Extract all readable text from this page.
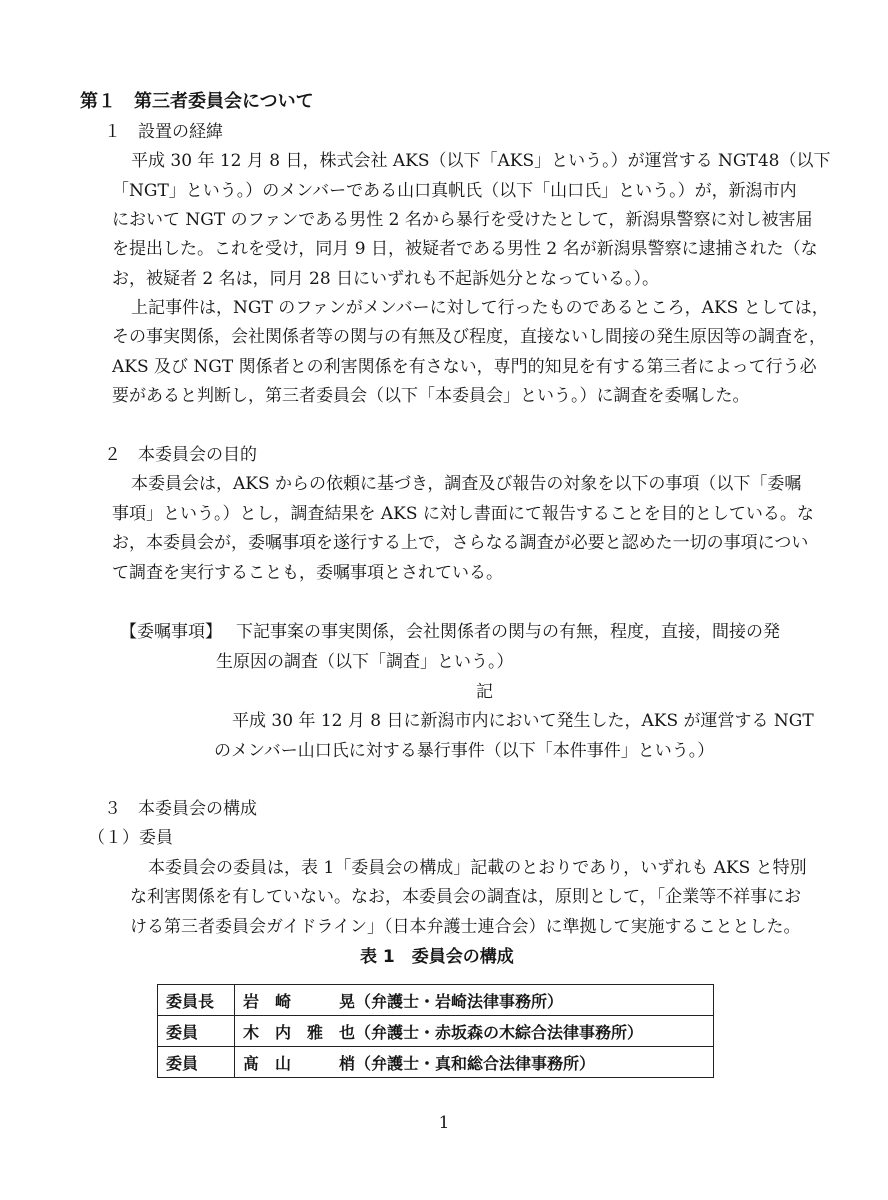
第１　第三者委員会について
１　設置の経緯
平成 30 年 12 月 8 日，株式会社 AKS（以下「AKS」という。）が運営する NGT48（以下
「NGT」という。）のメンバーである山口真帆氏（以下「山口氏」という。）が，新潟市内
において NGT のファンである男性 2 名から暴行を受けたとして，新潟県警察に対し被害届
を提出した。これを受け，同月 9 日，被疑者である男性 2 名が新潟県警察に逮捕された（な
お，被疑者 2 名は，同月 28 日にいずれも不起訴処分となっている。）。
上記事件は，NGT のファンがメンバーに対して行ったものであるところ，AKS としては，
その事実関係，会社関係者等の関与の有無及び程度，直接ないし間接の発生原因等の調査を，
AKS 及び NGT 関係者との利害関係を有さない，専門的知見を有する第三者によって行う必
要があると判断し，第三者委員会（以下「本委員会」という。）に調査を委嘱した。
２　本委員会の目的
本委員会は，AKS からの依頼に基づき，調査及び報告の対象を以下の事項（以下「委嘱
事項」という。）とし，調査結果を AKS に対し書面にて報告することを目的としている。な
お，本委員会が，委嘱事項を遂行する上で，さらなる調査が必要と認めた一切の事項につい
て調査を実行することも，委嘱事項とされている。
【委嘱事項】 下記事案の事実関係，会社関係者の関与の有無，程度，直接，間接の発
生原因の調査（以下「調査」という。）
記
平成 30 年 12 月 8 日に新潟市内において発生した，AKS が運営する NGT
のメンバー山口氏に対する暴行事件（以下「本件事件」という。）
３　本委員会の構成
（１）委員
本委員会の委員は，表 1「委員会の構成」記載のとおりであり，いずれも AKS と特別
な利害関係を有していない。なお，本委員会の調査は，原則として，「企業等不祥事にお
ける第三者委員会ガイドライン」（日本弁護士連合会）に準拠して実施することとした。
表 1　委員会の構成
委員長	岩　崎　　　晃（弁護士・岩崎法律事務所）
委員	木　内　雅　也（弁護士・赤坂森の木綜合法律事務所）
委員	髙　山　　　梢（弁護士・真和総合法律事務所）
1
